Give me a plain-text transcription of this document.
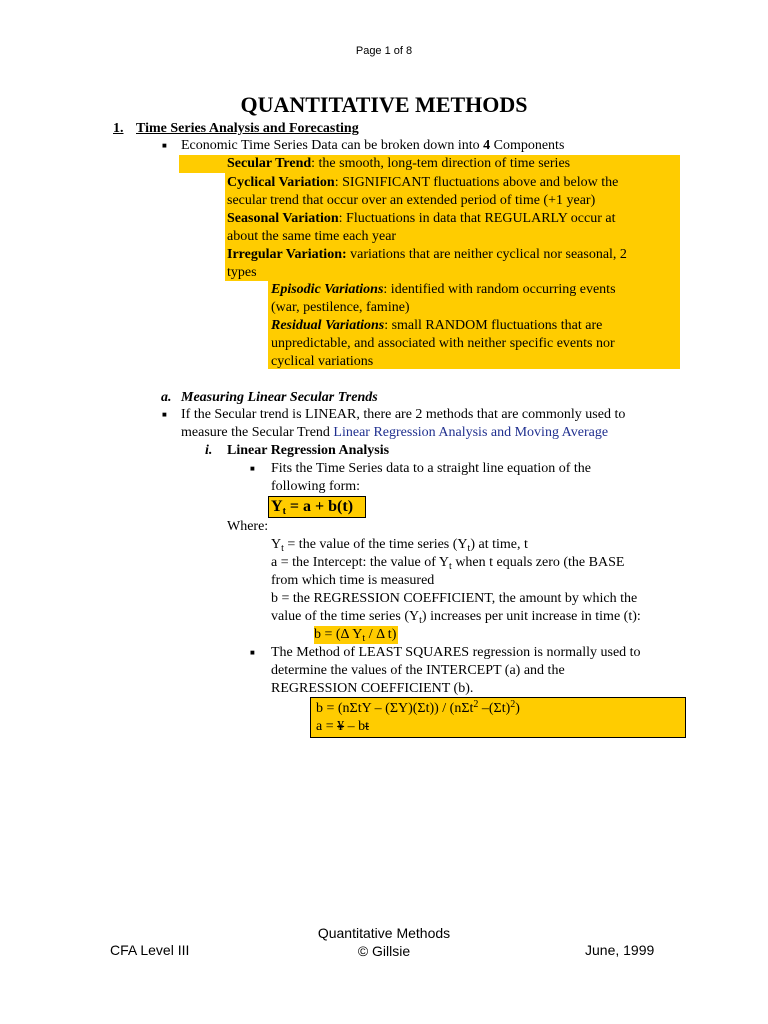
Page 1 of 8
QUANTITATIVE METHODS
1. Time Series Analysis and Forecasting
■ Economic Time Series Data can be broken down into 4 Components
Secular Trend: the smooth, long-tem direction of time series
Cyclical Variation: SIGNIFICANT fluctuations above and below the
secular trend that occur over an extended period of time (+1 year)
Seasonal Variation: Fluctuations in data that REGULARLY occur at
about the same time each year
Irregular Variation: variations that are neither cyclical nor seasonal, 2
types
Episodic Variations: identified with random occurring events
(war, pestilence, famine)
Residual Variations: small RANDOM fluctuations that are
unpredictable, and associated with neither specific events nor
cyclical variations
a. Measuring Linear Secular Trends
■ If the Secular trend is LINEAR, there are 2 methods that are commonly used to
measure the Secular Trend Linear Regression Analysis and Moving Average
i. Linear Regression Analysis
■ Fits the Time Series data to a straight line equation of the
following form:
$Y_t = a + b(t)$
Where:
$Y_t$ = the value of the time series $(Y_t)$ at time, t
a = the Intercept: the value of $Y_t$ when t equals zero (the BASE
from which time is measured
b = the REGRESSION COEFFICIENT, the amount by which the
value of the time series $(Y_t)$ increases per unit increase in time (t):
b = (Δ $Y_t$ / Δ t)
■ The Method of LEAST SQUARES regression is normally used to
determine the values of the INTERCEPT (a) and the
REGRESSION COEFFICIENT (b).
b = (nΣtY – (ΣY)(Σt)) / (nΣt$^2$ $-(\Sigma t)^2$)
a = ¥ – bt
CFA Level III
Quantitative Methods
© Gillsie	June, 1999
